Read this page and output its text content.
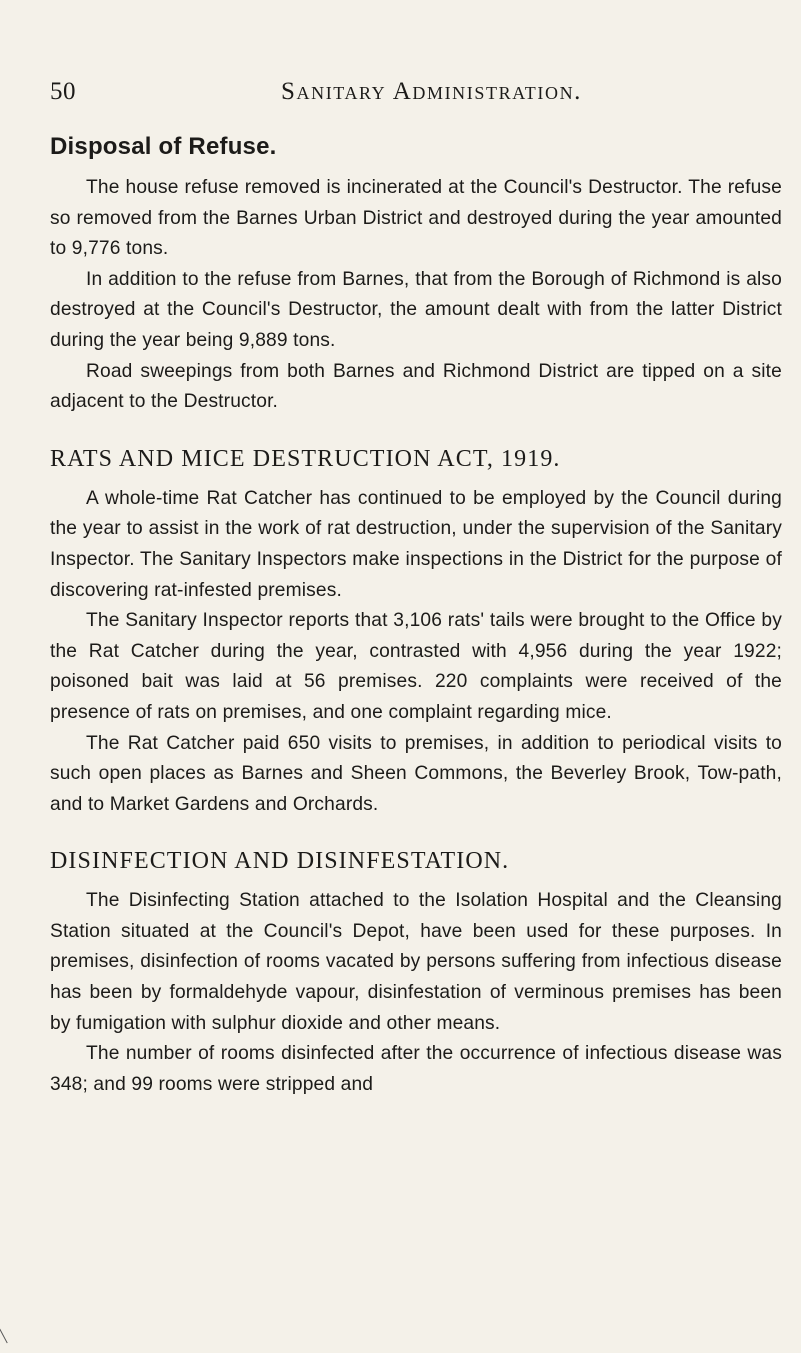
50	Sanitary Administration.
Disposal of Refuse.

The house refuse removed is incinerated at the Council's Destructor. The refuse so removed from the Barnes Urban District and destroyed during the year amounted to 9,776 tons.

In addition to the refuse from Barnes, that from the Borough of Richmond is also destroyed at the Council's Destructor, the amount dealt with from the latter District during the year being 9,889 tons.

Road sweepings from both Barnes and Richmond District are tipped on a site adjacent to the Destructor.

RATS AND MICE DESTRUCTION ACT, 1919.

A whole-time Rat Catcher has continued to be employed by the Council during the year to assist in the work of rat destruction, under the supervision of the Sanitary Inspector. The Sanitary Inspectors make inspections in the District for the purpose of discovering rat-infested premises.

The Sanitary Inspector reports that 3,106 rats' tails were brought to the Office by the Rat Catcher during the year, contrasted with 4,956 during the year 1922; poisoned bait was laid at 56 premises. 220 complaints were received of the presence of rats on premises, and one complaint regarding mice.

The Rat Catcher paid 650 visits to premises, in addition to periodical visits to such open places as Barnes and Sheen Commons, the Beverley Brook, Tow-path, and to Market Gardens and Orchards.

DISINFECTION AND DISINFESTATION.

The Disinfecting Station attached to the Isolation Hospital and the Cleansing Station situated at the Council's Depot, have been used for these purposes. In premises, disinfection of rooms vacated by persons suffering from infectious disease has been by formaldehyde vapour, disinfestation of verminous premises has been by fumigation with sulphur dioxide and other means.

The number of rooms disinfected after the occurrence of infectious disease was 348; and 99 rooms were stripped and
